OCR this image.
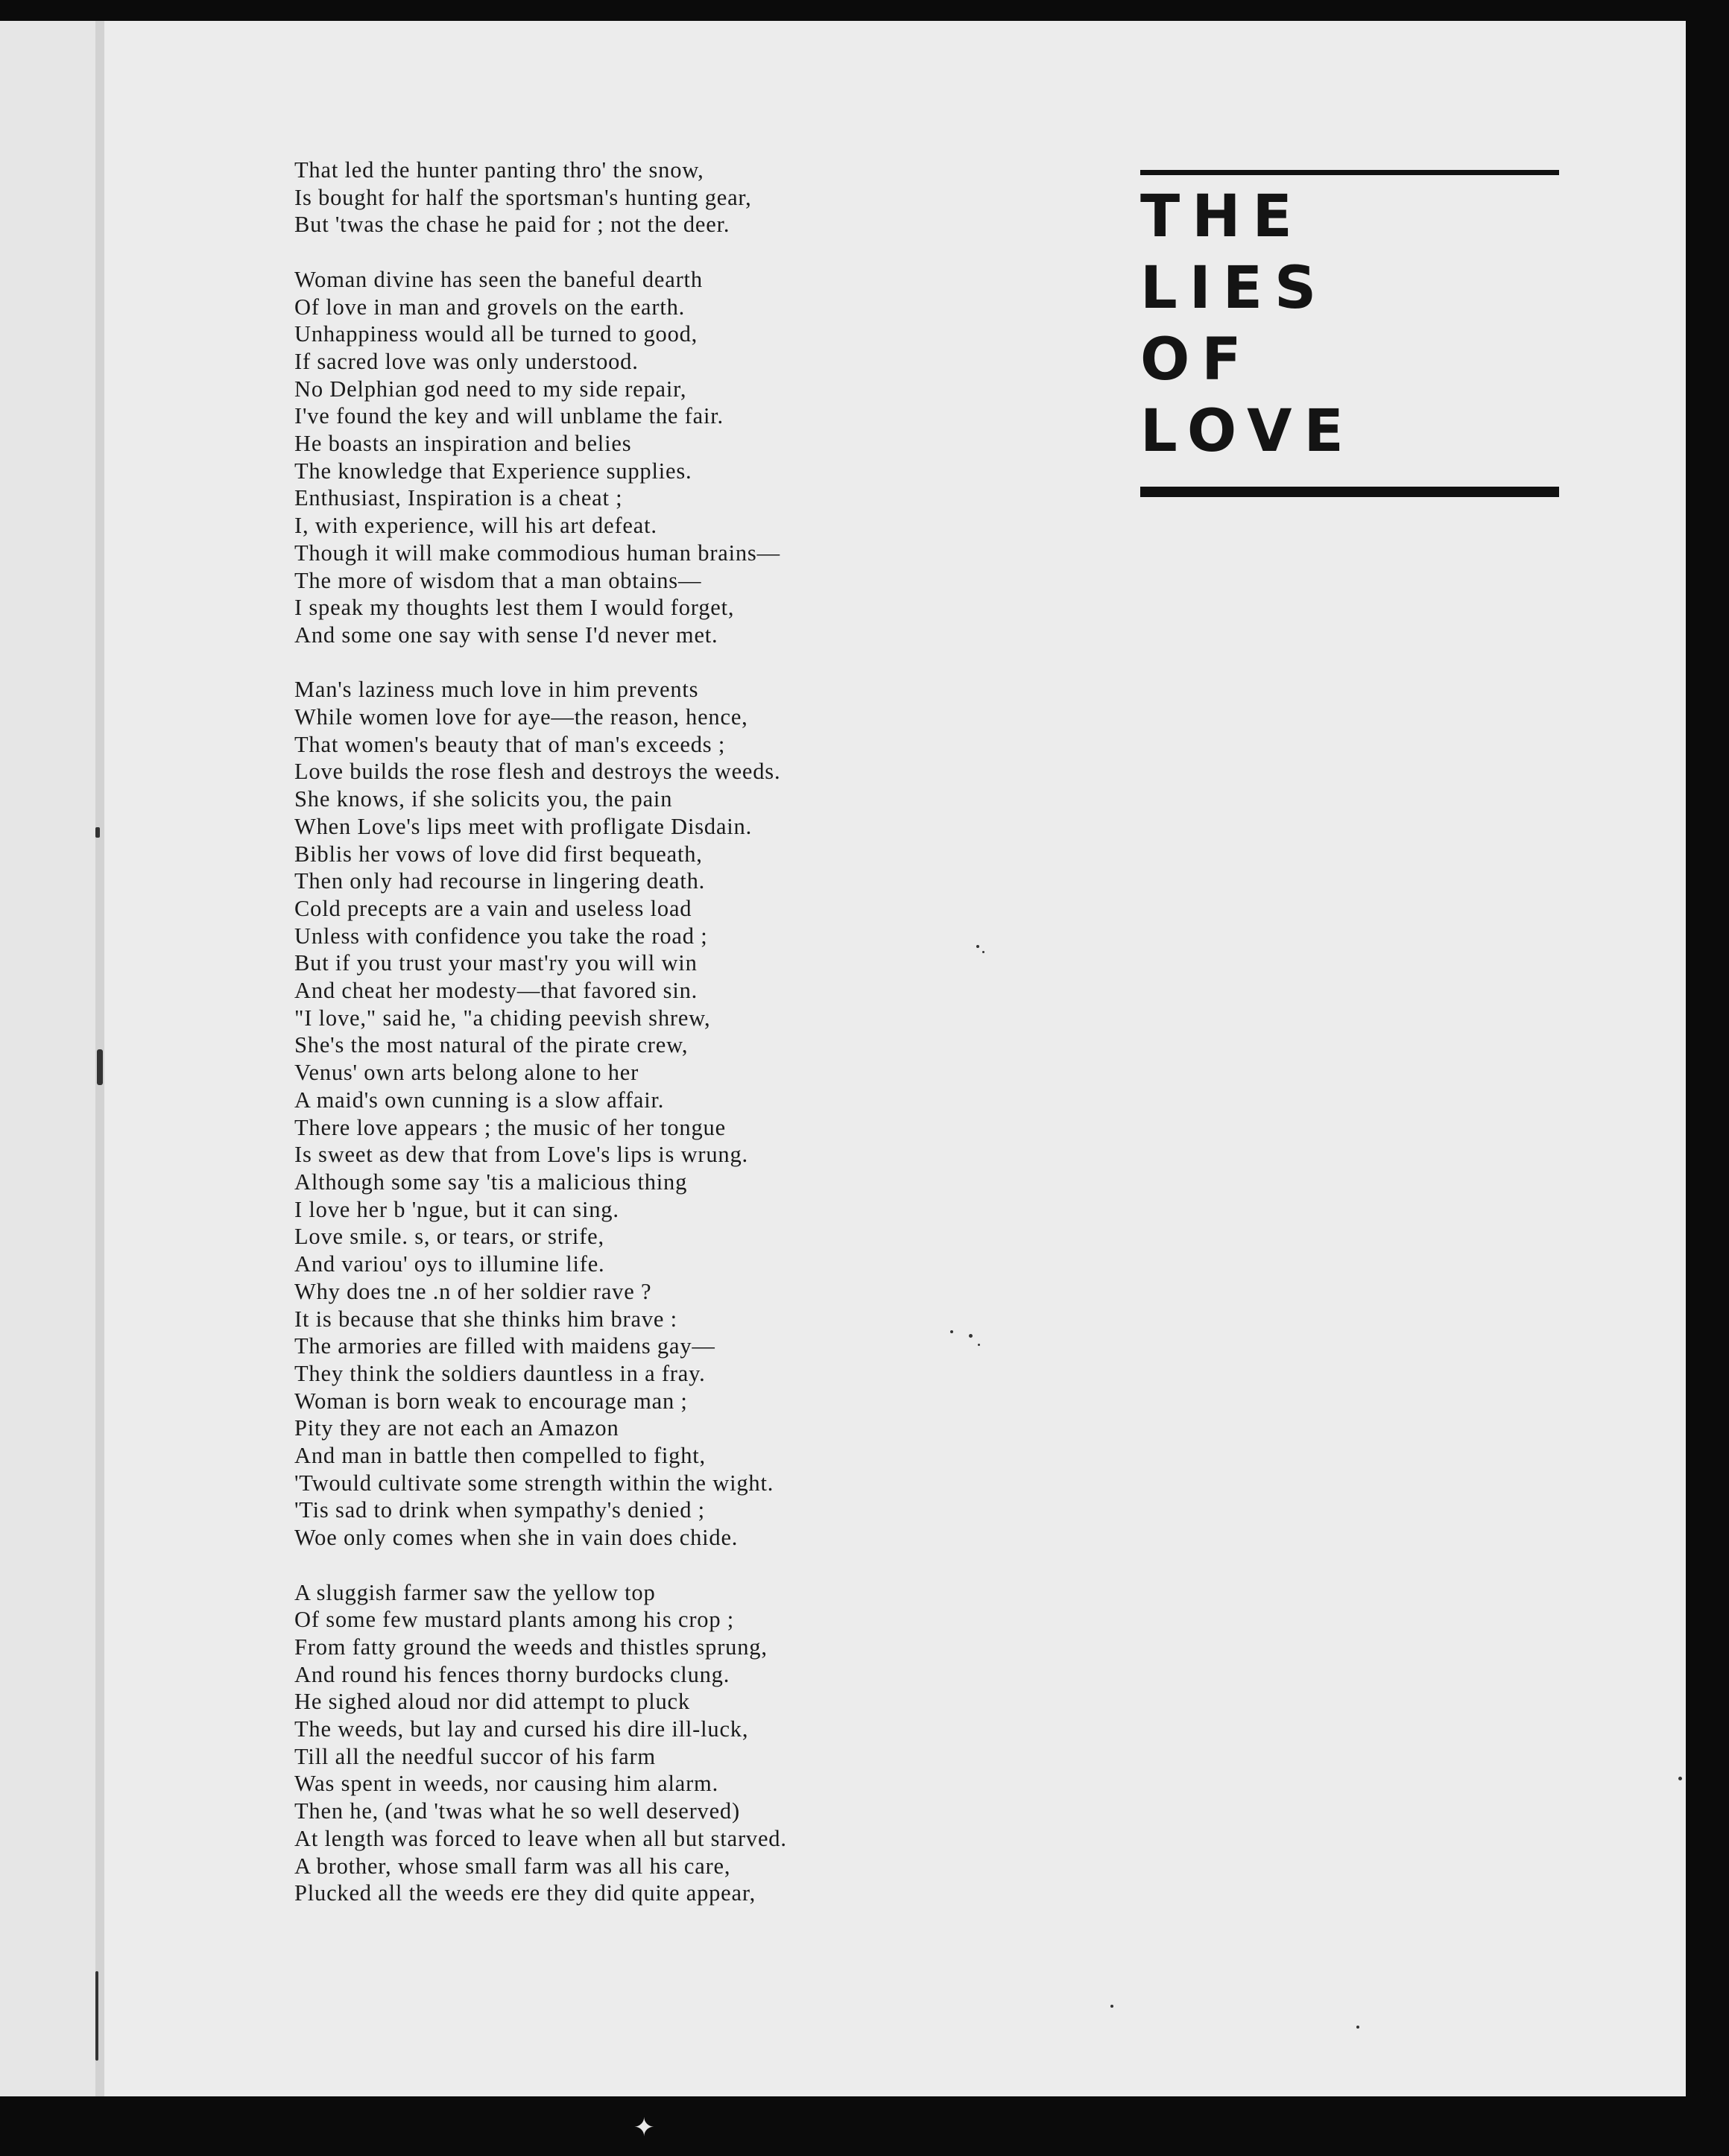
That led the hunter panting thro' the snow,
Is bought for half the sportsman's hunting gear,
But 'twas the chase he paid for ; not the deer.
Woman divine has seen the baneful dearth
Of love in man and grovels on the earth.
Unhappiness would all be turned to good,
If sacred love was only understood.
No Delphian god need to my side repair,
I've found the key and will unblame the fair.
He boasts an inspiration and belies
The knowledge that Experience supplies.
Enthusiast, Inspiration is a cheat ;
I, with experience, will his art defeat.
Though it will make commodious human brains—
The more of wisdom that a man obtains—
I speak my thoughts lest them I would forget,
And some one say with sense I'd never met.
Man's laziness much love in him prevents
While women love for aye—the reason, hence,
That women's beauty that of man's exceeds ;
Love builds the rose flesh and destroys the weeds.
She knows, if she solicits you, the pain
When Love's lips meet with profligate Disdain.
Biblis her vows of love did first bequeath,
Then only had recourse in lingering death.
Cold precepts are a vain and useless load
Unless with confidence you take the road ;
But if you trust your mast'ry you will win
And cheat her modesty—that favored sin.
"I love," said he, "a chiding peevish shrew,
She's the most natural of the pirate crew,
Venus' own arts belong alone to her
A maid's own cunning is a slow affair.
There love appears ; the music of her tongue
Is sweet as dew that from Love's lips is wrung.
Although some say 'tis a malicious thing
I love her b 'ngue, but it can sing.
Love smile. s, or tears, or strife,
And variou' oys to illumine life.
Why does tne .n of her soldier rave ?
It is because that she thinks him brave :
The armories are filled with maidens gay—
They think the soldiers dauntless in a fray.
Woman is born weak to encourage man ;
Pity they are not each an Amazon
And man in battle then compelled to fight,
'Twould cultivate some strength within the wight.
'Tis sad to drink when sympathy's denied ;
Woe only comes when she in vain does chide.
A sluggish farmer saw the yellow top
Of some few mustard plants among his crop ;
From fatty ground the weeds and thistles sprung,
And round his fences thorny burdocks clung.
He sighed aloud nor did attempt to pluck
The weeds, but lay and cursed his dire ill-luck,
Till all the needful succor of his farm
Was spent in weeds, nor causing him alarm.
Then he, (and 'twas what he so well deserved)
At length was forced to leave when all but starved.
A brother, whose small farm was all his care,
Plucked all the weeds ere they did quite appear,
THE
LIES
OF
LOVE
✦
